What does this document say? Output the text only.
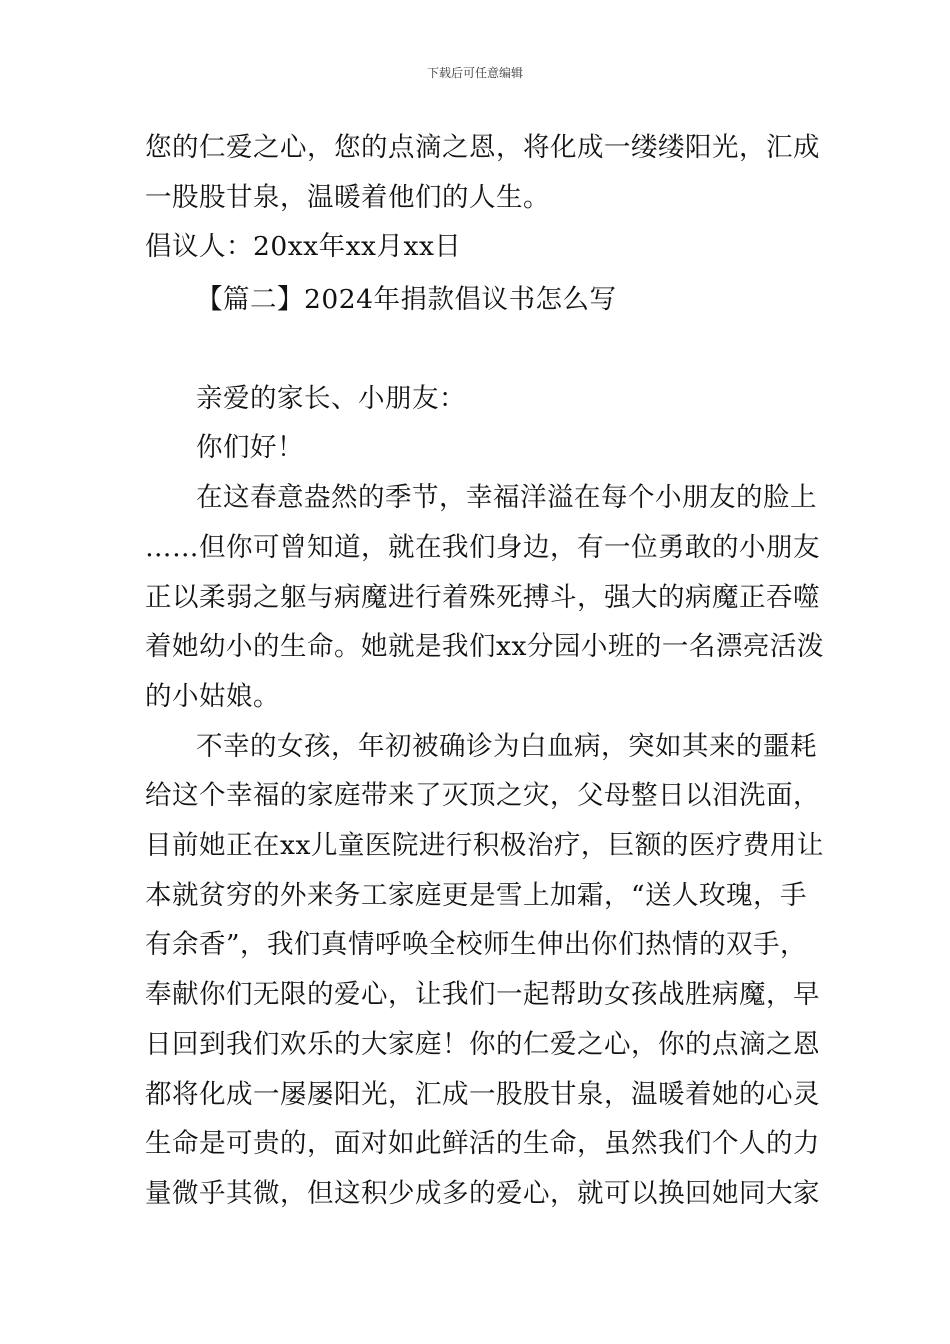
下载后可任意编辑
您的仁爱之心，您的点滴之恩，将化成一缕缕阳光，汇成
一股股甘泉，温暖着他们的人生。
倡议人：20xx年xx月xx日
【篇二】2024年捐款倡议书怎么写
亲爱的家长、小朋友：
你们好！
在这春意盎然的季节，幸福洋溢在每个小朋友的脸上
……但你可曾知道，就在我们身边，有一位勇敢的小朋友
正以柔弱之躯与病魔进行着殊死搏斗，强大的病魔正吞噬
着她幼小的生命。她就是我们xx分园小班的一名漂亮活泼
的小姑娘。
不幸的女孩，年初被确诊为白血病，突如其来的噩耗
给这个幸福的家庭带来了灭顶之灾，父母整日以泪洗面，
目前她正在xx儿童医院进行积极治疗，巨额的医疗费用让
本就贫穷的外来务工家庭更是雪上加霜，“送人玫瑰，手
有余香”，我们真情呼唤全校师生伸出你们热情的双手，
奉献你们无限的爱心，让我们一起帮助女孩战胜病魔，早
日回到我们欢乐的大家庭！你的仁爱之心，你的点滴之恩
都将化成一屡屡阳光，汇成一股股甘泉，温暖着她的心灵
生命是可贵的，面对如此鲜活的生命，虽然我们个人的力
量微乎其微，但这积少成多的爱心，就可以换回她同大家
